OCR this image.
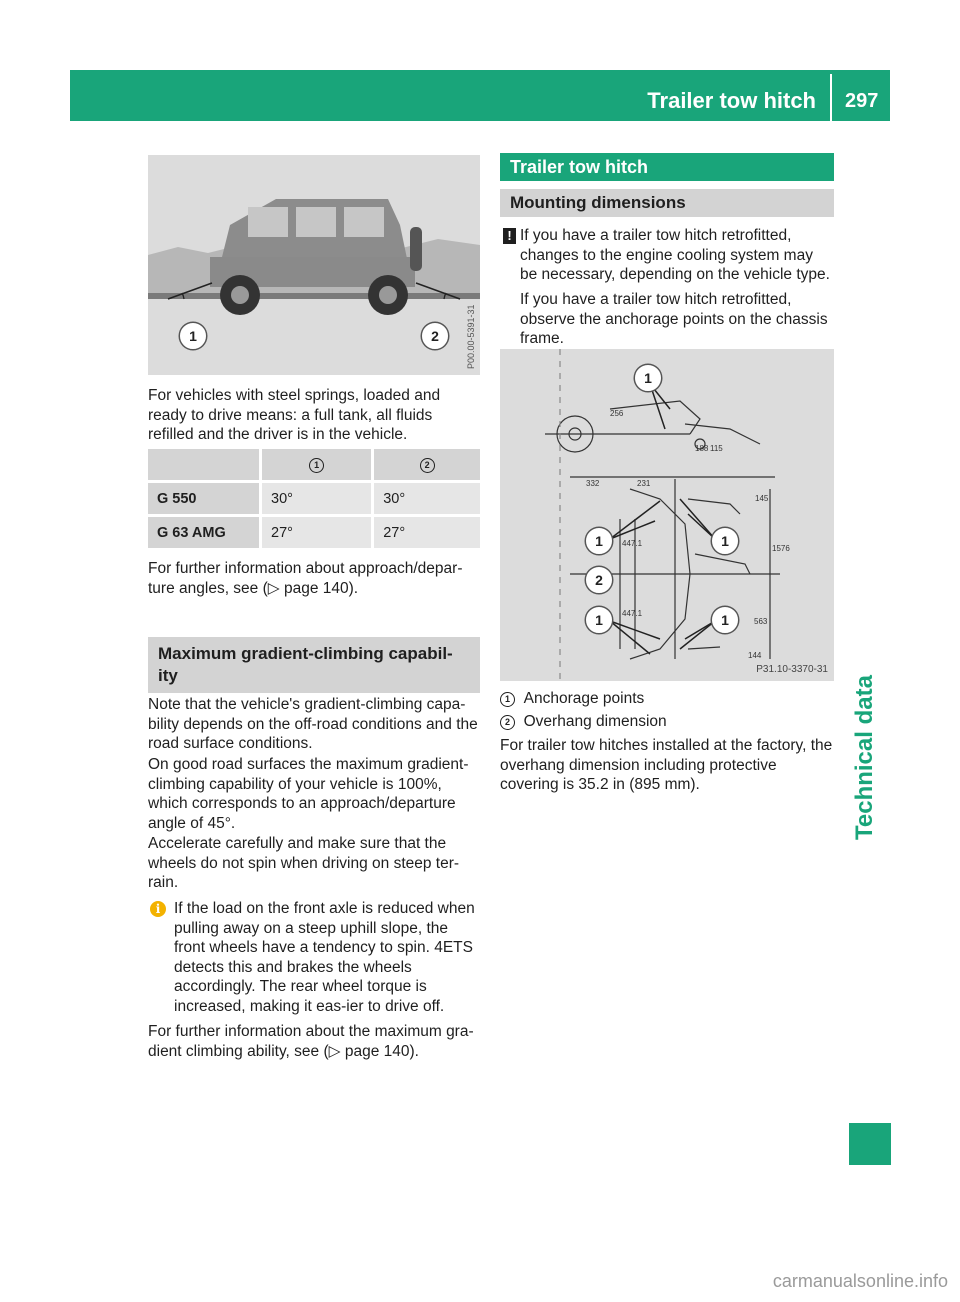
Trailer tow hitch 297
Technical data
1	2	P00.00-5391-31

For vehicles with steel springs, loaded and ready to drive means: a full tank, all fluids refilled and the driver is in the vehicle.

	1	2
G 550	30°	30°
G 63 AMG	27°	27°

For further information about approach/depar-ture angles, see (▷ page 140).

Maximum gradient-climbing capabil-ity

Note that the vehicle's gradient-climbing capa-bility depends on the off-road conditions and the road surface conditions.

On good road surfaces the maximum gradient-climbing capability of your vehicle is 100%, which corresponds to an approach/departure angle of 45°.

Accelerate carefully and make sure that the wheels do not spin when driving on steep ter-rain.

i If the load on the front axle is reduced when pulling away on a steep uphill slope, the front wheels have a tendency to spin. 4ETS detects this and brakes the wheels accordingly. The rear wheel torque is increased, making it eas-ier to drive off.

For further information about the maximum gra-dient climbing ability, see (▷ page 140).

Trailer tow hitch
Mounting dimensions
! If you have a trailer tow hitch retrofitted, changes to the engine cooling system may be necessary, depending on the vehicle type.

If you have a trailer tow hitch retrofitted, observe the anchorage points on the chassis frame.

256
188 115
332	231
145
447.1
447.1
1576
563
144
1
1	1
2
1	1
P31.10-3370-31

1 Anchorage points

2 Overhang dimension

For trailer tow hitches installed at the factory, the overhang dimension including protective covering is 35.2 in (895 mm).

carmanualsonline.info
